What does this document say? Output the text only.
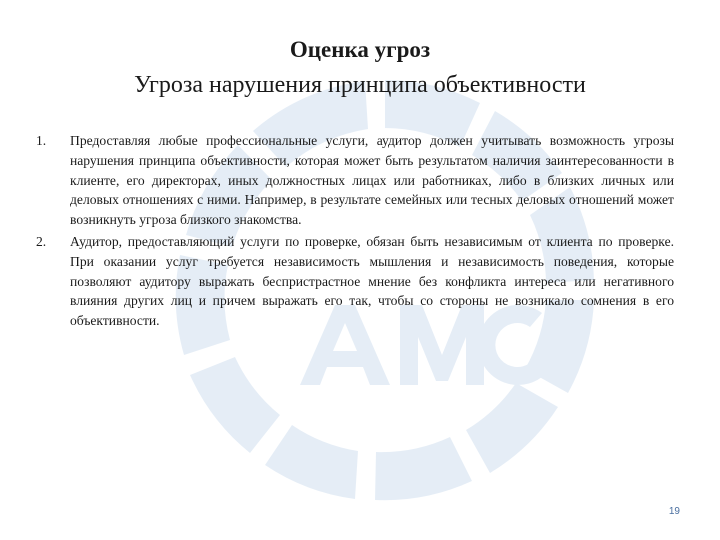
Оценка угроз
Угроза нарушения принципа объективности
1. Предоставляя любые профессиональные услуги, аудитор должен учитывать возможность угрозы нарушения принципа объективности, которая может быть результатом наличия заинтересованности в клиенте, его директорах, иных должностных лицах или работниках, либо в близких личных или деловых отношениях с ними. Например, в результате семейных или тесных деловых отношений может возникнуть угроза близкого знакомства.
2. Аудитор, предоставляющий услуги по проверке, обязан быть независимым от клиента по проверке. При оказании услуг требуется независимость мышления и независимость поведения, которые позволяют аудитору выражать беспристрастное мнение без конфликта интереса или негативного влияния других лиц и причем выражать его так, чтобы со стороны не возникало сомнения в его объективности.
19
